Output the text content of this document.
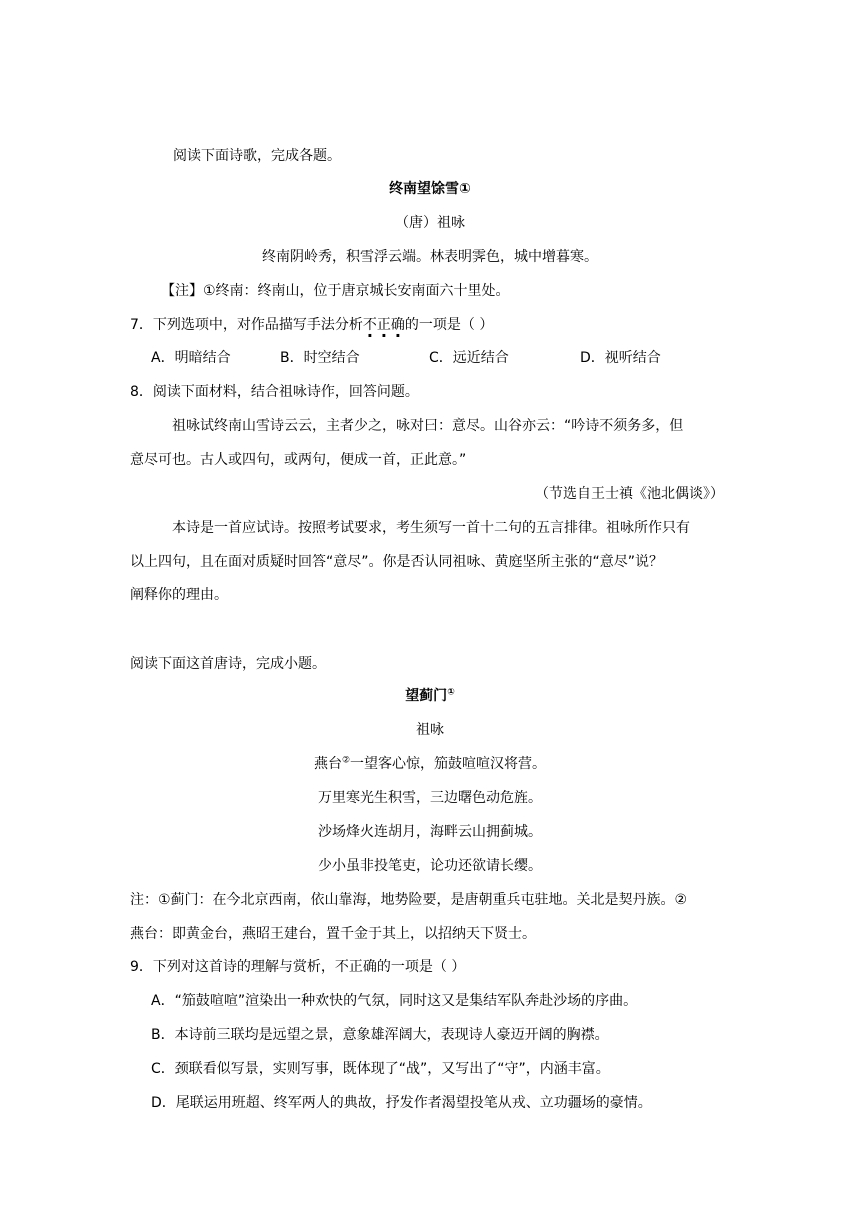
阅读下面诗歌，完成各题。
终南望馀雪①
（唐）祖咏
终南阴岭秀，积雪浮云端。林表明霁色，城中增暮寒。
【注】①终南：终南山，位于唐京城长安南面六十里处。
7．下列选项中，对作品描写手法分析不正确的一项是（ ）
A．明暗结合	B．时空结合	C．远近结合	D．视听结合
8．阅读下面材料，结合祖咏诗作，回答问题。
祖咏试终南山雪诗云云，主者少之，咏对曰：意尽。山谷亦云：“吟诗不须务多，但
意尽可也。古人或四句，或两句，便成一首，正此意。”
（节选自王士禛《池北偶谈》）
本诗是一首应试诗。按照考试要求，考生须写一首十二句的五言排律。祖咏所作只有
以上四句，且在面对质疑时回答“意尽”。你是否认同祖咏、黄庭坚所主张的“意尽”说？
阐释你的理由。
阅读下面这首唐诗，完成小题。
望蓟门①
祖咏
燕台②一望客心惊，笳鼓喧喧汉将营。
万里寒光生积雪，三边曙色动危旌。
沙场烽火连胡月，海畔云山拥蓟城。
少小虽非投笔吏，论功还欲请长缨。
注：①蓟门：在今北京西南，依山靠海，地势险要，是唐朝重兵屯驻地。关北是契丹族。②
燕台：即黄金台，燕昭王建台，置千金于其上，以招纳天下贤士。
9．下列对这首诗的理解与赏析，不正确的一项是（ ）
A．“笳鼓喧喧”渲染出一种欢快的气氛，同时这又是集结军队奔赴沙场的序曲。
B．本诗前三联均是远望之景，意象雄浑阔大，表现诗人豪迈开阔的胸襟。
C．颈联看似写景，实则写事，既体现了“战”，又写出了“守”，内涵丰富。
D．尾联运用班超、终军两人的典故，抒发作者渴望投笔从戎、立功疆场的豪情。
